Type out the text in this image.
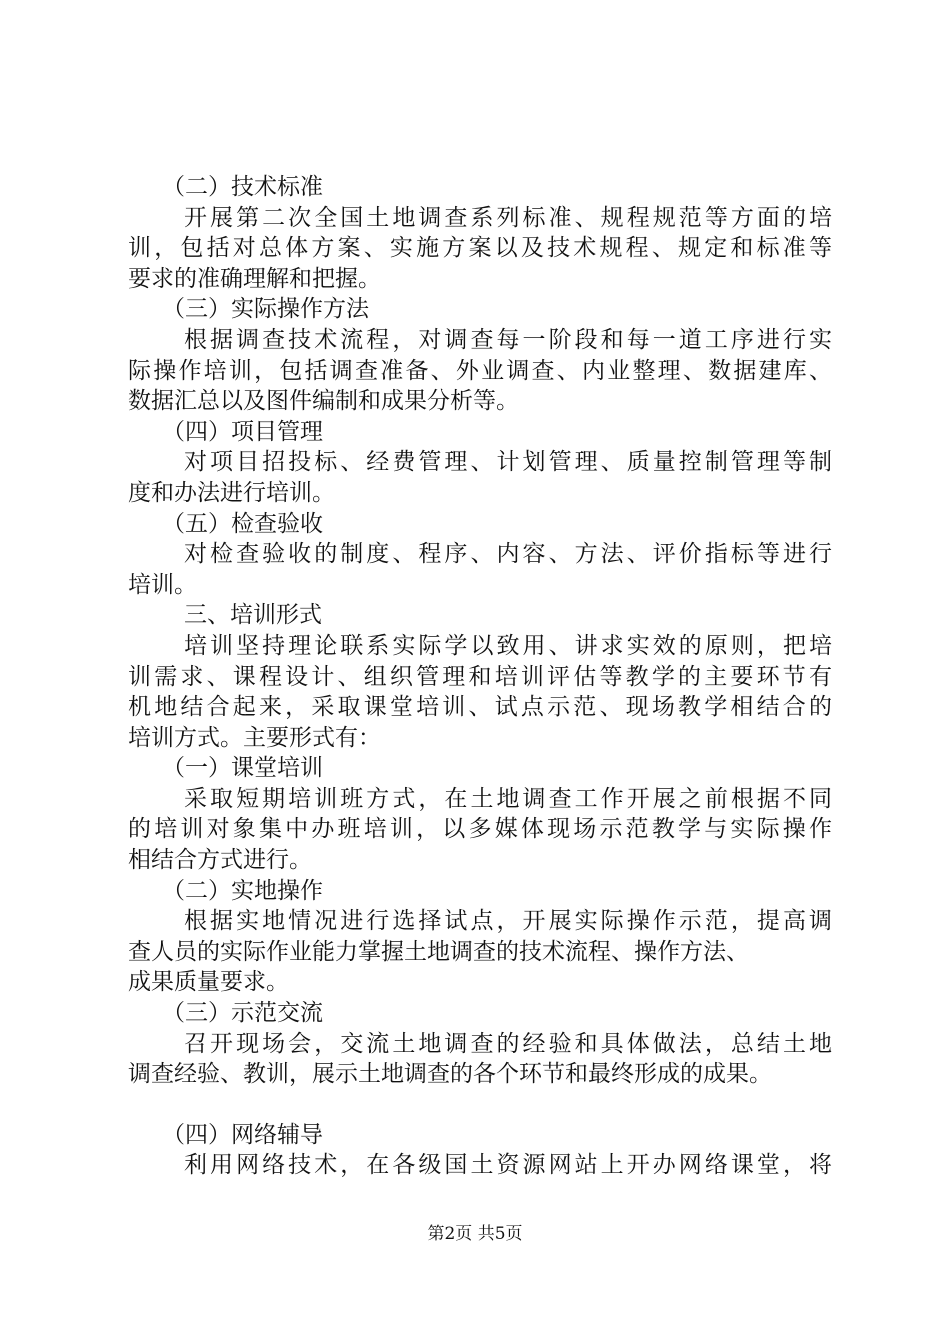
（二）技术标准
开展第二次全国土地调查系列标准、规程规范等方面的培
训，包括对总体方案、实施方案以及技术规程、规定和标准等
要求的准确理解和把握。
（三）实际操作方法
根据调查技术流程，对调查每一阶段和每一道工序进行实
际操作培训，包括调查准备、外业调查、内业整理、数据建库、
数据汇总以及图件编制和成果分析等。
（四）项目管理
对项目招投标、经费管理、计划管理、质量控制管理等制
度和办法进行培训。
（五）检查验收
对检查验收的制度、程序、内容、方法、评价指标等进行
培训。
三、培训形式
培训坚持理论联系实际学以致用、讲求实效的原则，把培
训需求、课程设计、组织管理和培训评估等教学的主要环节有
机地结合起来，采取课堂培训、试点示范、现场教学相结合的
培训方式。主要形式有：
（一）课堂培训
采取短期培训班方式，在土地调查工作开展之前根据不同
的培训对象集中办班培训，以多媒体现场示范教学与实际操作
相结合方式进行。
（二）实地操作
根据实地情况进行选择试点，开展实际操作示范，提高调
查人员的实际作业能力掌握土地调查的技术流程、操作方法、
成果质量要求。
（三）示范交流
召开现场会，交流土地调查的经验和具体做法，总结土地
调查经验、教训，展示土地调查的各个环节和最终形成的成果。
（四）网络辅导
利用网络技术，在各级国土资源网站上开办网络课堂，将
第2页 共5页
